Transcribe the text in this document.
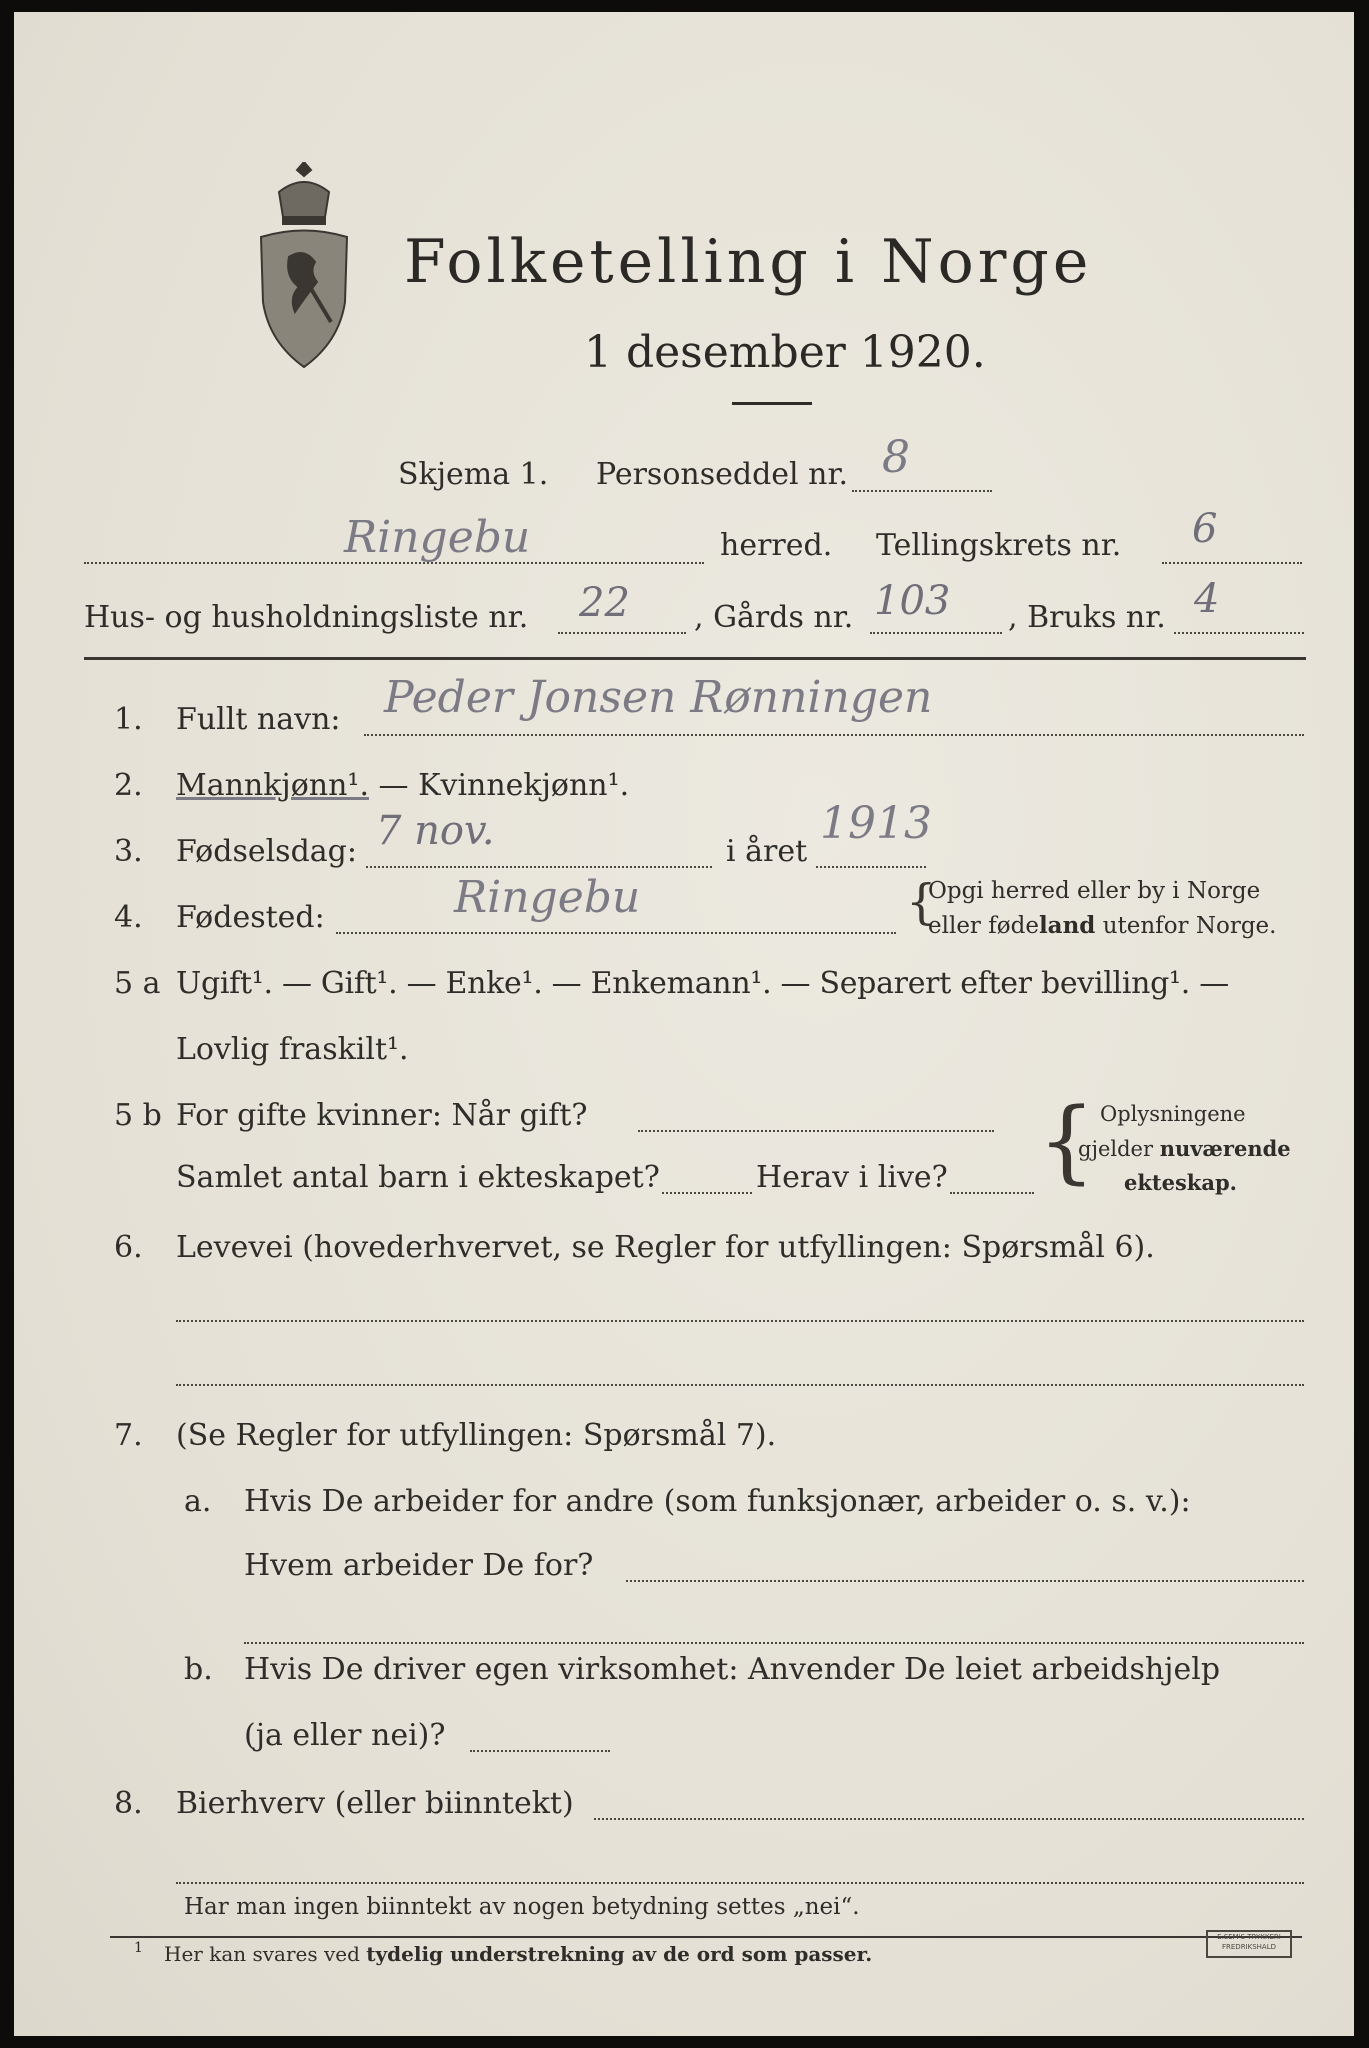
Folketelling i Norge
1 desember 1920.
Skjema 1. Personseddel nr. 8
Ringebu	herred. Tellingskrets nr. 6
Hus- og husholdningsliste nr. 22 , Gårds nr. 103 , Bruks nr. 4
1. Fullt navn: Peder Jonsen Rønningen
2. Mannkjønn¹. — Kvinnekjønn¹.
3. Fødselsdag: 7 nov.	i året
1913
4. Fødested:	Ringebu	{
Opgi herred eller by i Norge
eller fødeland utenfor Norge.
5 a Ugift¹. — Gift¹. — Enke¹. — Enkemann¹. — Separert efter bevilling¹. —
Lovlig fraskilt¹.
5 b For gifte kvinner: Når gift?
Samlet antal barn i ekteskapet?	Herav i live? { Oplysningene
gjelder nuværende
ekteskap.
6. Levevei (hovederhvervet, se Regler for utfyllingen: Spørsmål 6).
7. (Se Regler for utfyllingen: Spørsmål 7).
a. Hvis De arbeider for andre (som funksjonær, arbeider o. s. v.):
Hvem arbeider De for?
b. Hvis De driver egen virksomhet: Anvender De leiet arbeidshjelp
(ja eller nei)?
8. Bierhverv (eller biinntekt)
Har man ingen biinntekt av nogen betydning settes „nei“.
1 Her kan svares ved tydelig understrekning av de ord som passer.
E.SEM'S TRYKKERI
FREDRIKSHALD
